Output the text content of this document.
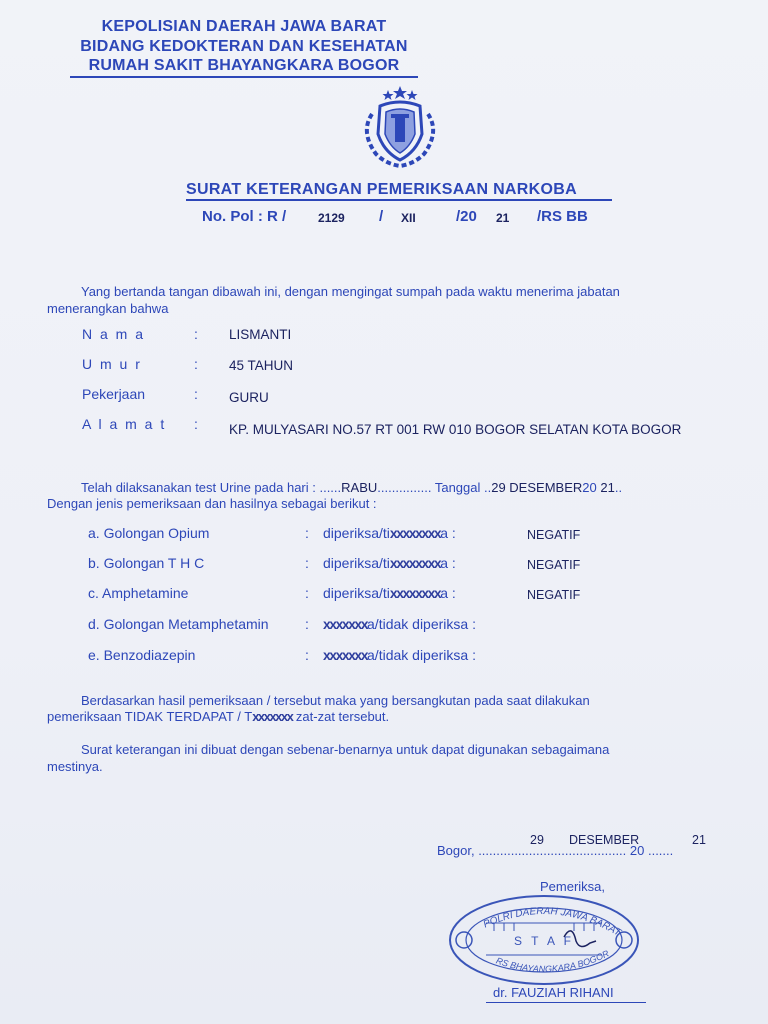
KEPOLISIAN DAERAH JAWA BARAT
BIDANG KEDOKTERAN DAN KESEHATAN
RUMAH SAKIT BHAYANGKARA BOGOR
SURAT KETERANGAN PEMERIKSAAN NARKOBA
No. Pol : R /	2129 / XII	/20 21 /RS BB
Yang bertanda tangan dibawah ini, dengan mengingat sumpah pada waktu menerima jabatan
menerangkan bahwa
N a m a	: LISMANTI
U m u r	: 45 TAHUN
Pekerjaan	: GURU
A l a m a t : KP. MULYASARI NO.57 RT 001 RW 010 BOGOR SELATAN KOTA BOGOR
Telah dilaksanakan test Urine pada hari : ......RABU............... Tanggal ..29 DESEMBER20 21..
Dengan jenis pemeriksaan dan hasilnya sebagai berikut :
a. Golongan Opium	: diperiksa/tixxxxxxxxa :	NEGATIF
b. Golongan T H C	: diperiksa/tixxxxxxxxa :	NEGATIF
c. Amphetamine	: diperiksa/tixxxxxxxxa :	NEGATIF
d. Golongan Metamphetamin	: xxxxxxxa/tidak diperiksa :
e. Benzodiazepin	: xxxxxxxa/tidak diperiksa :
Berdasarkan hasil pemeriksaan / tersebut maka yang bersangkutan pada saat dilakukan
pemeriksaan TIDAK TERDAPAT / Txxxxxxx zat-zat tersebut.
Surat keterangan ini dibuat dengan sebenar-benarnya untuk dapat digunakan sebagaimana
mestinya.
29 DESEMBER	21
Bogor, ......................................... 20 .......
Pemeriksa,
POLRI DAERAH JAWA BARAT
RS BHAYANGKARA BOGOR
S T A F
dr. FAUZIAH RIHANI
